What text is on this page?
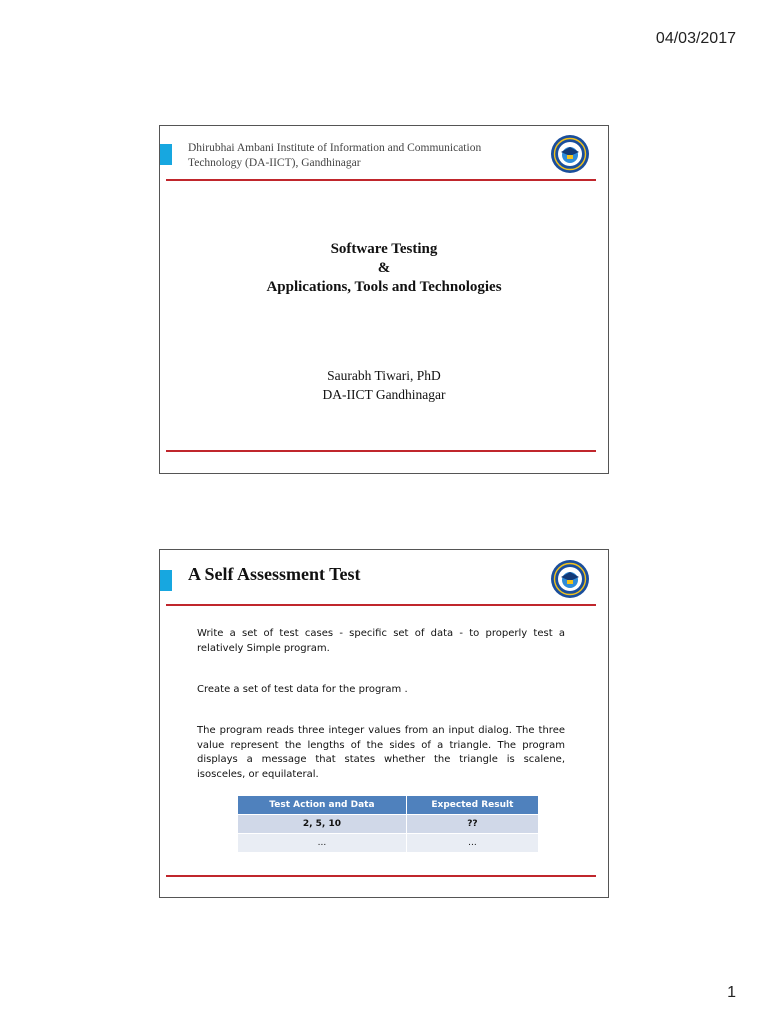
04/03/2017
Dhirubhai Ambani Institute of Information and Communication
Technology (DA-IICT), Gandhinagar
Software Testing
&
Applications, Tools and Technologies
Saurabh Tiwari, PhD
DA-IICT Gandhinagar
A Self Assessment Test
Write a set of test cases - specific set of data - to properly test a relatively Simple program.
Create a set of test data for the program .
The program reads three integer values from an input dialog. The three value represent the lengths of the sides of a triangle. The program displays a message that states whether the triangle is scalene, isosceles, or equilateral.
Test Action and Data	Expected Result
2, 5, 10	??
...	...
1
